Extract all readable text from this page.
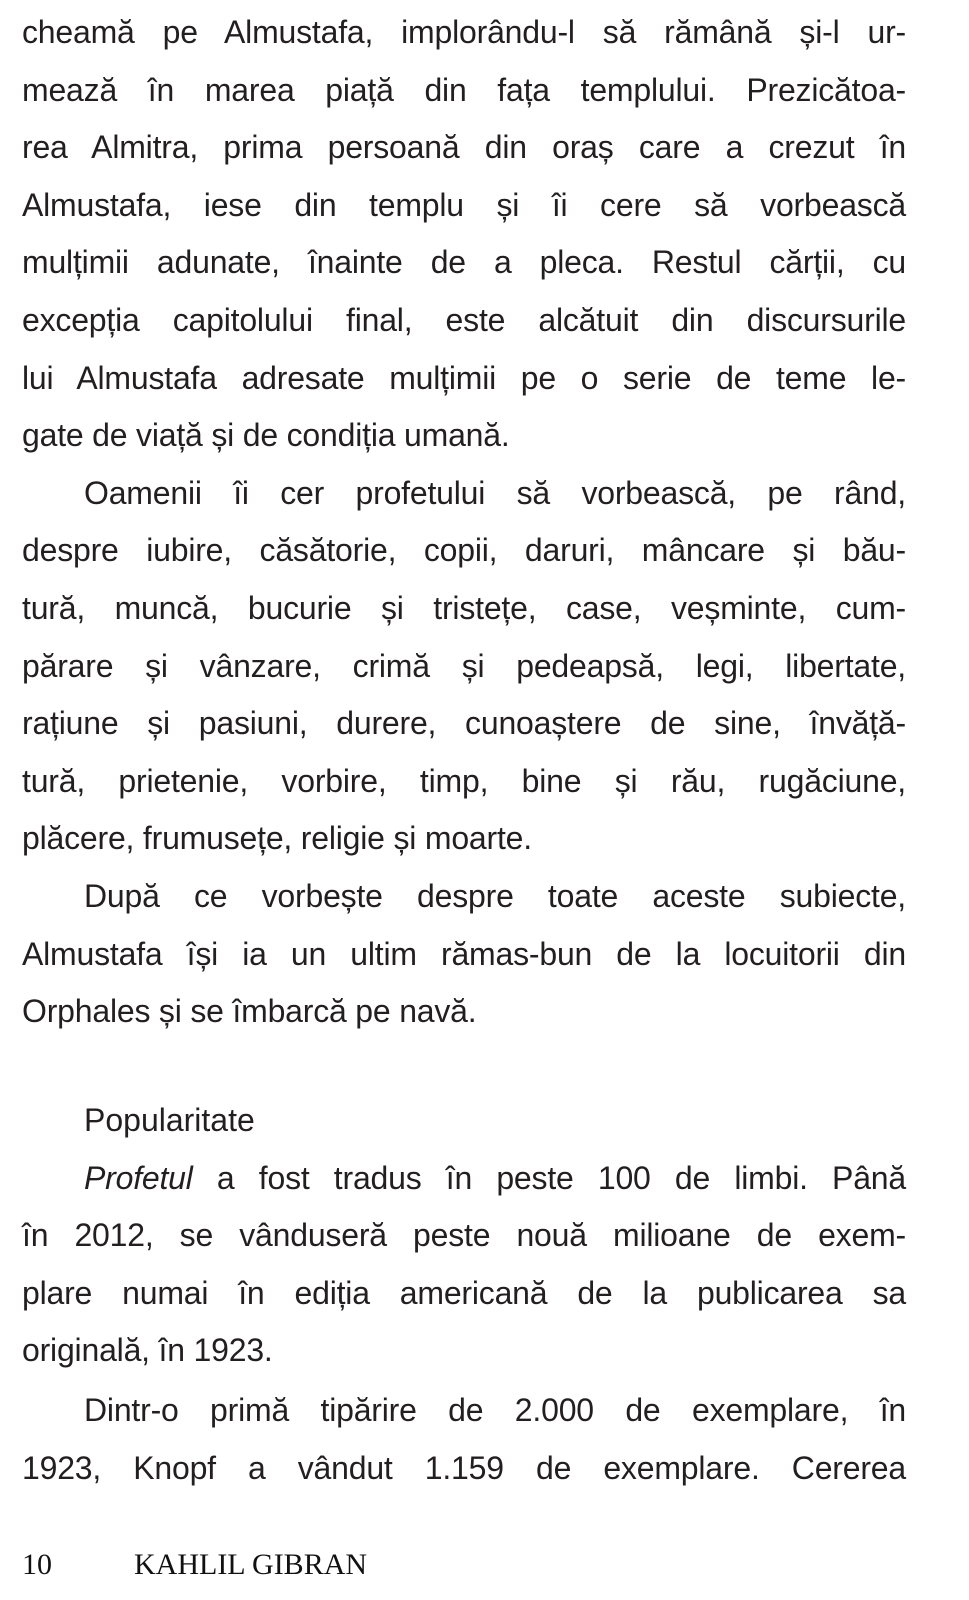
cheamă pe Almustafa, implorându-l să rămână și-l ur-
mează în marea piață din fața templului. Prezicătoa-
rea Almitra, prima persoană din oraș care a crezut în
Almustafa, iese din templu și îi cere să vorbească
mulțimii adunate, înainte de a pleca. Restul cărții, cu
excepția capitolului final, este alcătuit din discursurile
lui Almustafa adresate mulțimii pe o serie de teme le-
gate de viață și de condiția umană.
Oamenii îi cer profetului să vorbească, pe rând,
despre iubire, căsătorie, copii, daruri, mâncare și bău-
tură, muncă, bucurie și tristețe, case, veșminte, cum-
părare și vânzare, crimă și pedeapsă, legi, libertate,
rațiune și pasiuni, durere, cunoaștere de sine, învăță-
tură, prietenie, vorbire, timp, bine și rău, rugăciune,
plăcere, frumusețe, religie și moarte.
După ce vorbește despre toate aceste subiecte,
Almustafa își ia un ultim rămas-bun de la locuitorii din
Orphales și se îmbarcă pe navă.
Popularitate
Profetul a fost tradus în peste 100 de limbi. Până
în 2012, se vânduseră peste nouă milioane de exem-
plare numai în ediția americană de la publicarea sa
originală, în 1923.
Dintr-o primă tipărire de 2.000 de exemplare, în
1923, Knopf a vândut 1.159 de exemplare. Cererea
10	KAHLIL GIBRAN
